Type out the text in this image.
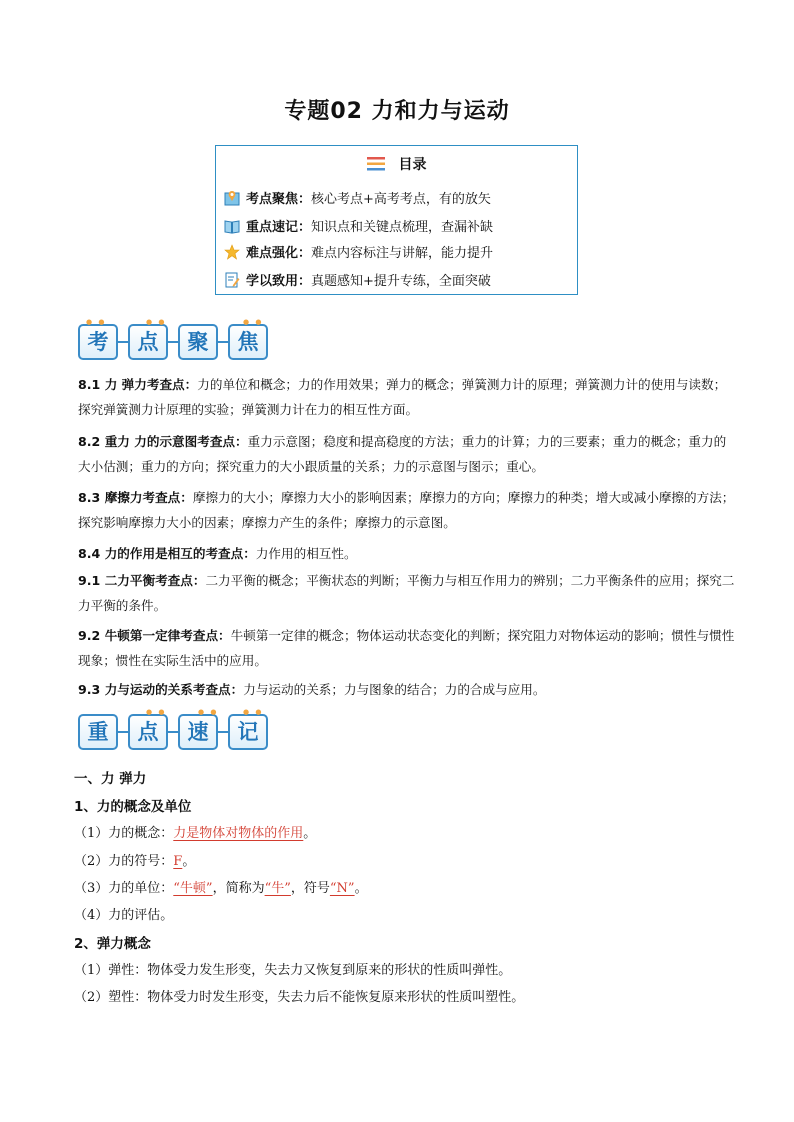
专题02 力和力与运动
目录
考点聚焦：核心考点+高考考点，有的放矢
重点速记：知识点和关键点梳理，查漏补缺
难点强化：难点内容标注与讲解，能力提升
学以致用：真题感知+提升专练，全面突破
考	点	聚	焦
● ●	● ●	● ●
8.1 力 弹力考查点：力的单位和概念；力的作用效果；弹力的概念；弹簧测力计的原理；弹簧测力计的使用与读数；探究弹簧测力计原理的实验；弹簧测力计在力的相互性方面。
8.2 重力 力的示意图考查点：重力示意图；稳度和提高稳度的方法；重力的计算；力的三要素；重力的概念；重力的大小估测；重力的方向；探究重力的大小跟质量的关系；力的示意图与图示；重心。
8.3 摩擦力考查点：摩擦力的大小；摩擦力大小的影响因素；摩擦力的方向；摩擦力的种类；增大或减小摩擦的方法；探究影响摩擦力大小的因素；摩擦力产生的条件；摩擦力的示意图。
8.4 力的作用是相互的考查点：力作用的相互性。
9.1 二力平衡考查点：二力平衡的概念；平衡状态的判断；平衡力与相互作用力的辨别；二力平衡条件的应用；探究二力平衡的条件。
9.2 牛顿第一定律考查点：牛顿第一定律的概念；物体运动状态变化的判断；探究阻力对物体运动的影响；惯性与惯性现象；惯性在实际生活中的应用。
9.3 力与运动的关系考查点：力与运动的关系；力与图象的结合；力的合成与应用。
重	点	速	记
● ●	● ●	● ●
一、力 弹力
1、力的概念及单位
（1）力的概念：力是物体对物体的作用。
（2）力的符号：F。
（3）力的单位：“牛顿”，简称为“牛”，符号“N”。
（4）力的评估。
2、弹力概念
（1）弹性：物体受力发生形变，失去力又恢复到原来的形状的性质叫弹性。
（2）塑性：物体受力时发生形变，失去力后不能恢复原来形状的性质叫塑性。
